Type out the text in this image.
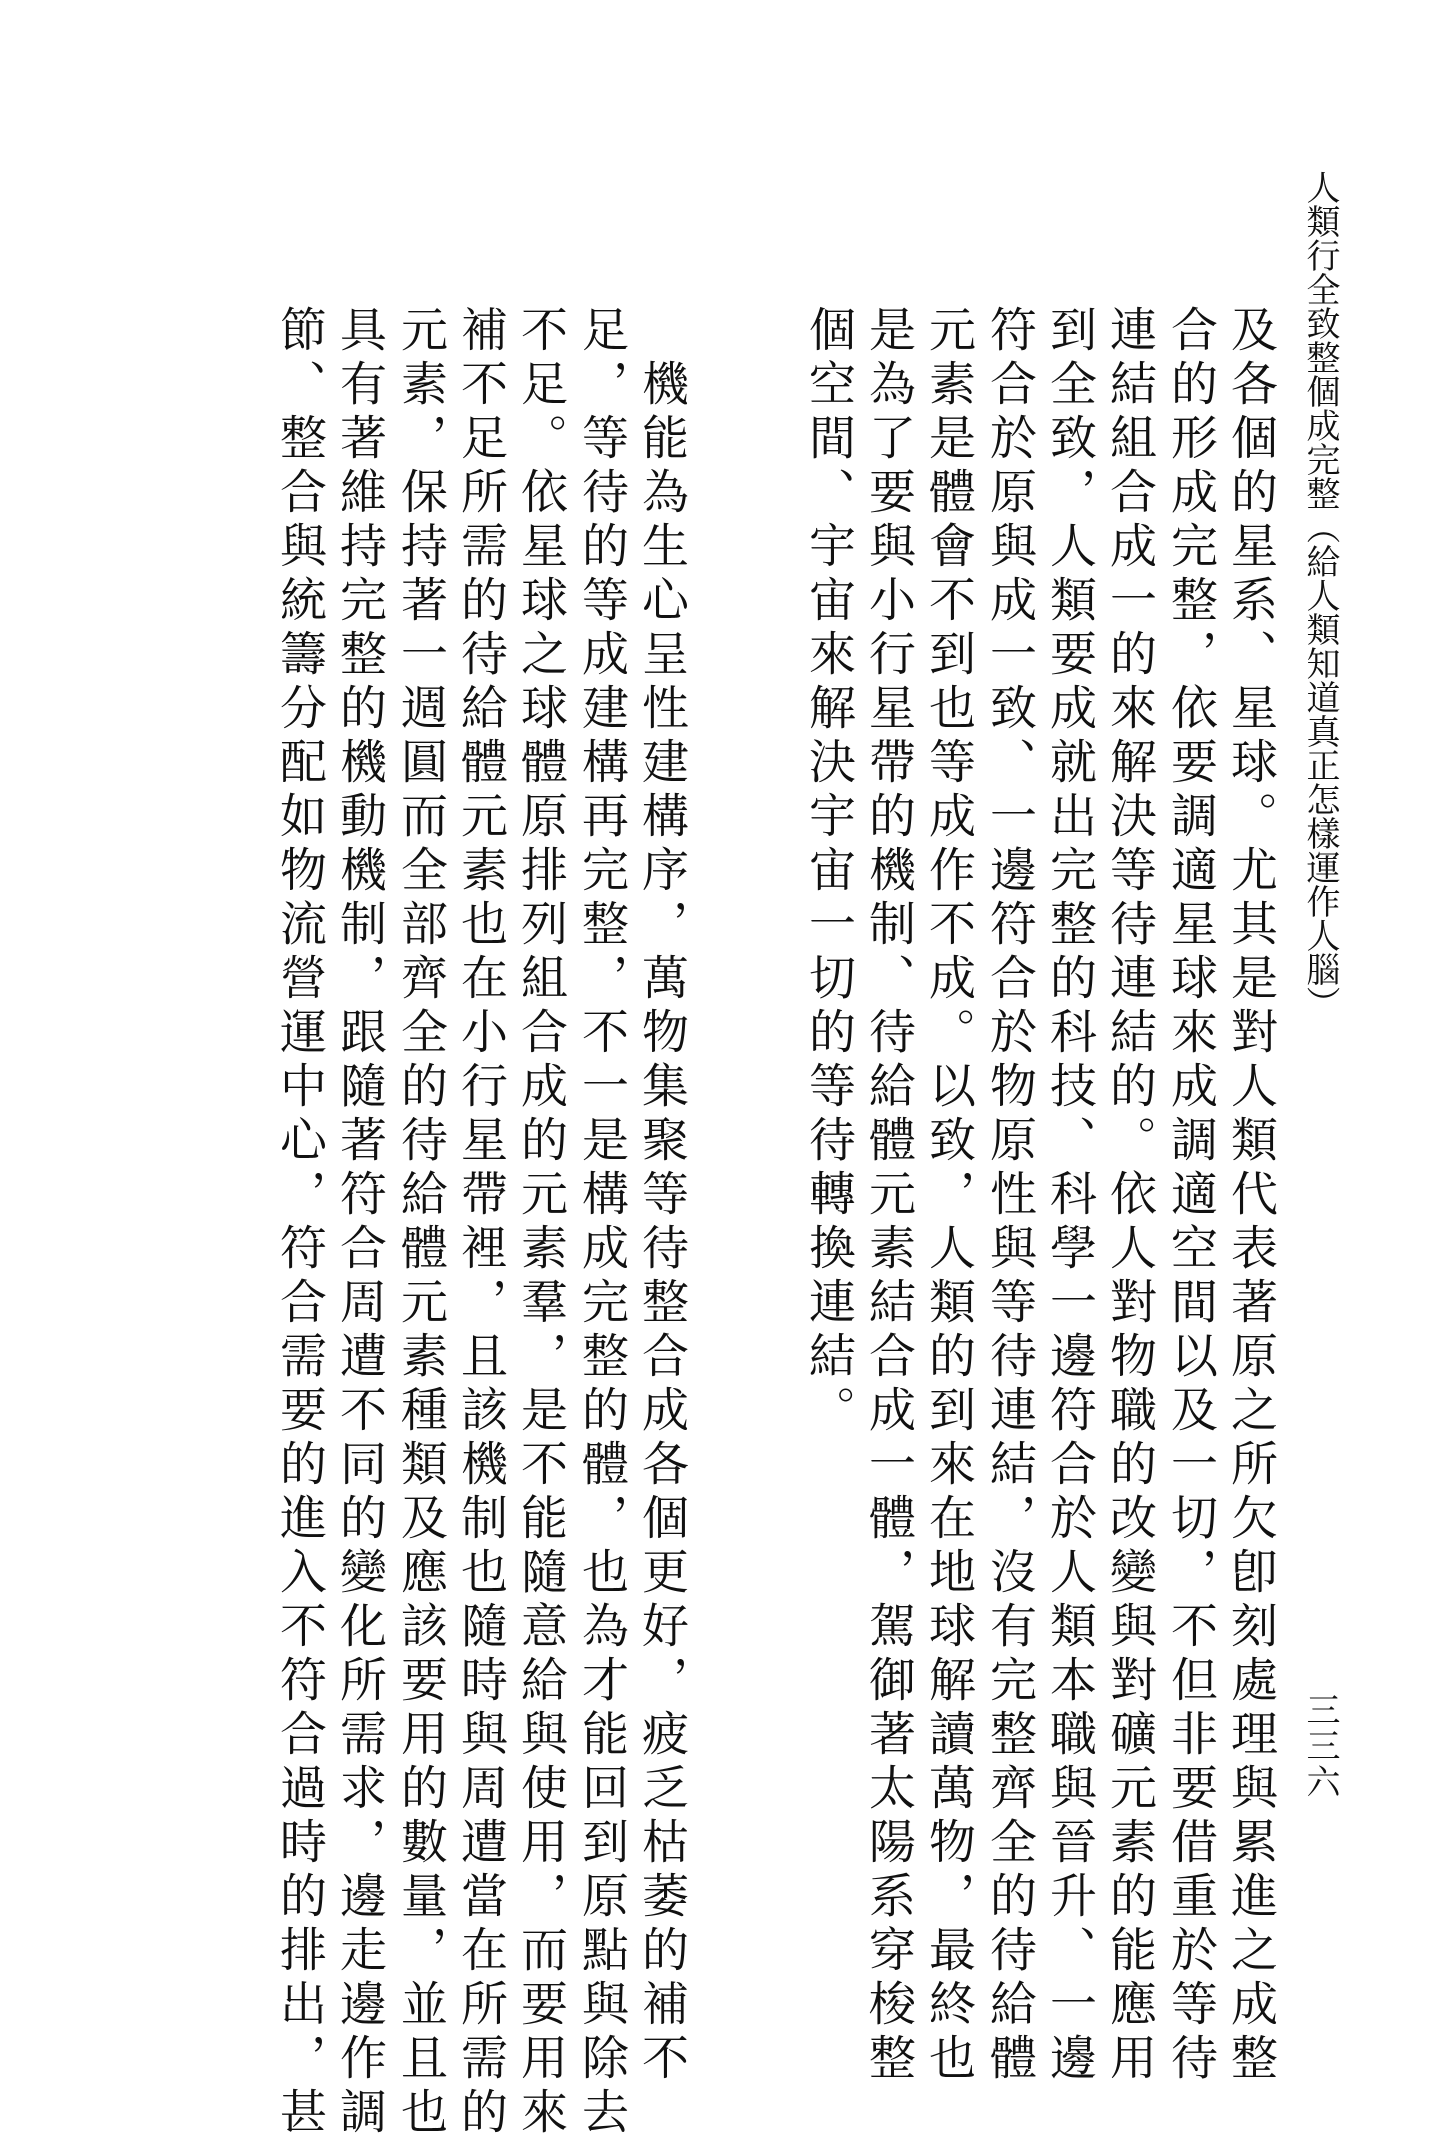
人類行全致整個成完整（給人類知道真正怎樣運作人腦）
三三六
及各個的星系、星球。尤其是對人類代表著原之所欠卽刻處理與累進之成整
合的形成完整，依要調適星球來成調適空間以及一切，不但非要借重於等待
連結組合成一的來解決等待連結的。依人對物職的改變與對礦元素的能應用
到全致，人類要成就出完整的科技、科學一邊符合於人類本職與晉升、一邊
符合於原與成一致、一邊符合於物原性與等待連結，沒有完整齊全的待給體
元素是體會不到也等成作不成。以致，人類的到來在地球解讀萬物，最終也
是為了要與小行星帶的機制、待給體元素結合成一體，駕御著太陽系穿梭整
個空間、宇宙來解決宇宙一切的等待轉換連結。
　機能為生心呈性建構序，萬物集聚等待整合成各個更好，疲乏枯萎的補不
足，等待的等成建構再完整，不一是構成完整的體，也為才能回到原點與除去
不足。依星球之球體原排列組合成的元素羣，是不能隨意給與使用，而要用來
補不足所需的待給體元素也在小行星帶裡，且該機制也隨時與周遭當在所需的
元素，保持著一週圓而全部齊全的待給體元素種類及應該要用的數量，並且也
具有著維持完整的機動機制，跟隨著符合周遭不同的變化所需求，邊走邊作調
節、整合與統籌分配如物流營運中心，符合需要的進入不符合過時的排出，甚
